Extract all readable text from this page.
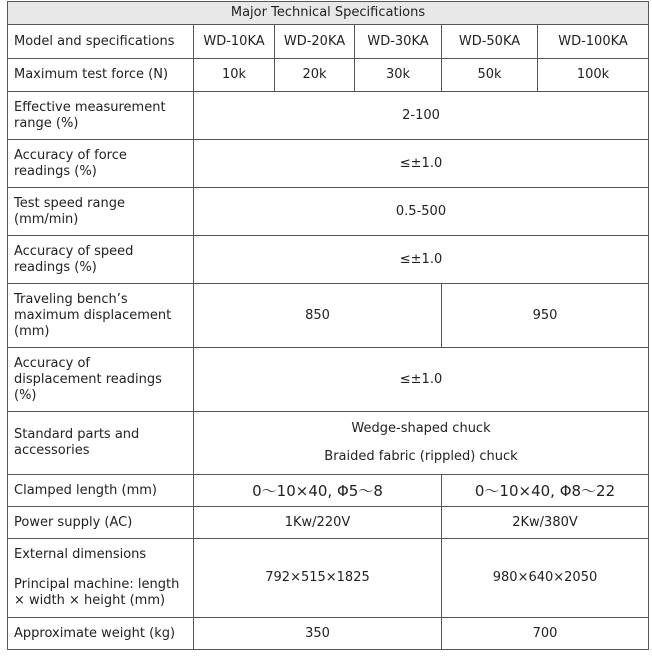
Major Technical Specifications					
Model and specifications	WD-10KA	WD-20KA	WD-30KA	WD-50KA	WD-100KA
Maximum test force (N)	10k	20k	30k	50k	100k

Effective measurement
range (%)	2-100				

Accuracy of force
readings (%)	≤±1.0				

Test speed range
(mm/min)	0.5-500				

Accuracy of speed
readings (%)	≤±1.0				

Traveling bench’s
maximum displacement
(mm)	850			950	

Accuracy of
displacement readings
(%)	≤±1.0				

Standard parts and
accessories	Wedge-shaped chuck
Braided fabric (rippled) chuck				

Clamped length (mm)	0～10×40, Φ5～8			0～10×40, Φ8～22	
Power supply (AC)	1Kw/220V			2Kw/380V	

External dimensions
Principal machine: length
× width × height (mm)	792×515×1825			980×640×2050	
Approximate weight (kg)	350			700	
